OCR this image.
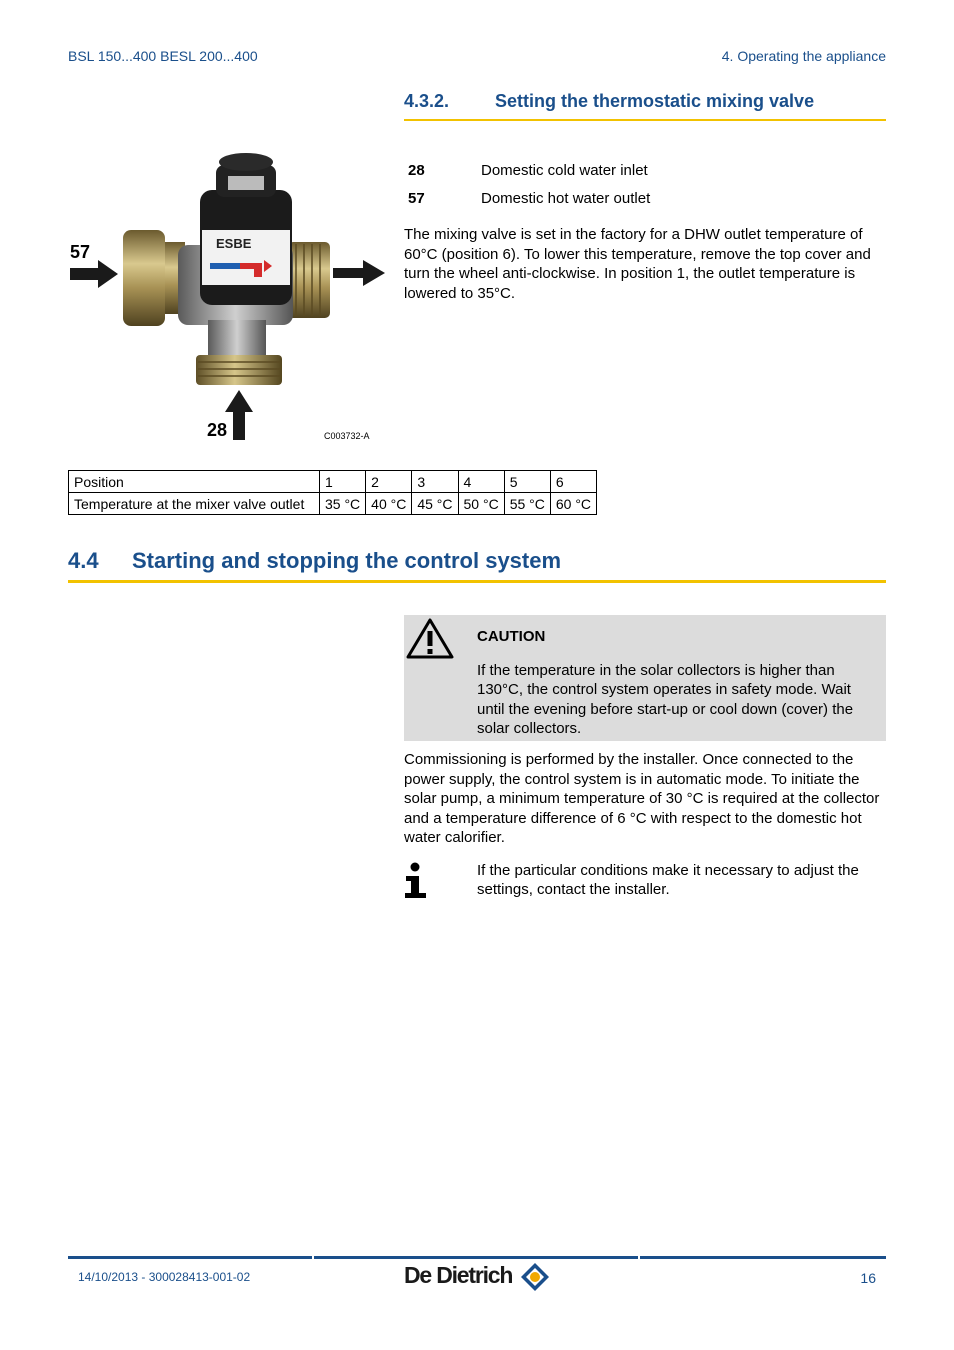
BSL 150...400 BESL 200...400	4. Operating the appliance
4.3.2.	Setting the thermostatic mixing valve
ESBE
57
28	C003732-A
28	Domestic cold water inlet
57	Domestic hot water outlet
The mixing valve is set in the factory for a DHW outlet temperature of 60°C (position 6). To lower this temperature, remove the top cover and turn the wheel anti-clockwise. In position 1, the outlet temperature is lowered to 35°C.
Position	1	2	3	4	5	6
Temperature at the mixer valve outlet	35 °C	40 °C	45 °C	50 °C	55 °C	60 °C
4.4 Starting and stopping the control system
CAUTION
If the temperature in the solar collectors is higher than 130°C, the control system operates in safety mode. Wait until the evening before start-up or cool down (cover) the solar collectors.
Commissioning is performed by the installer. Once connected to the power supply, the control system is in automatic mode. To initiate the solar pump, a minimum temperature of 30 °C is required at the collector and a temperature difference of 6 °C with respect to the domestic hot water calorifier.
If the particular conditions make it necessary to adjust the settings, contact the installer.
14/10/2013 - 300028413-001-02	De Dietrich	16
